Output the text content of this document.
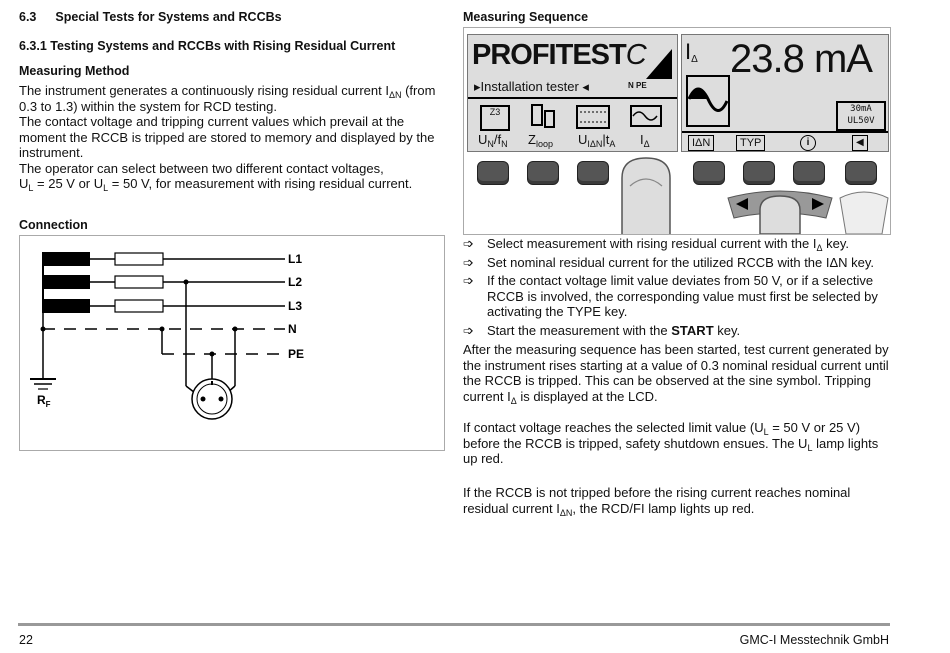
6.3 Special Tests for Systems and RCCBs
6.3.1 Testing Systems and RCCBs with Rising Residual Current
Measuring Method

The instrument generates a continuously rising residual current $I_{\Delta N}$ (from
0.3 to 1.3) within the system for RCD testing.

The contact voltage and tripping current values which prevail at the moment the RCCB is tripped are stored to memory and displayed by the instrument.

The operator can select between two different contact voltages,

$U_L = 25$ V or $U_L = 50$ V, for measurement with rising residual current.

Connection
L1
L2
L3
N
PE
$R_F$
Measuring Sequence
PROFITESTC
▸Installation tester ◂	N PE
Z3
$U_N/f_N$ $Z_{loop}$ $U_{I\Delta N}|t_A$ $I_\Delta$
$I_\Delta$ 23.8 mA
30mA
UL50V
IΔN	TYP	i	◀
➩ Select measurement with rising residual current with the $I_\Delta$ key.
➩ Set nominal residual current for the utilized RCCB with the IΔN key.
➩ If the contact voltage limit value deviates from 50 V, or if a selective RCCB is involved, the corresponding value must first be selected by activating the TYPE key.
➩ Start the measurement with the START key.
After the measuring sequence has been started, test current generated by the instrument rises starting at a value of 0.3 nominal residual current until the RCCB is tripped. This can be observed at the sine symbol. Tripping current $I_\Delta$ is displayed at the LCD.
If contact voltage reaches the selected limit value ($U_L = 50$ V or 25 V) before the RCCB is tripped, safety shutdown ensues. The $U_L$ lamp lights up red.
If the RCCB is not tripped before the rising current reaches nominal residual current $I_{\Delta N}$, the RCD/FI lamp lights up red.
22	GMC-I Messtechnik GmbH
